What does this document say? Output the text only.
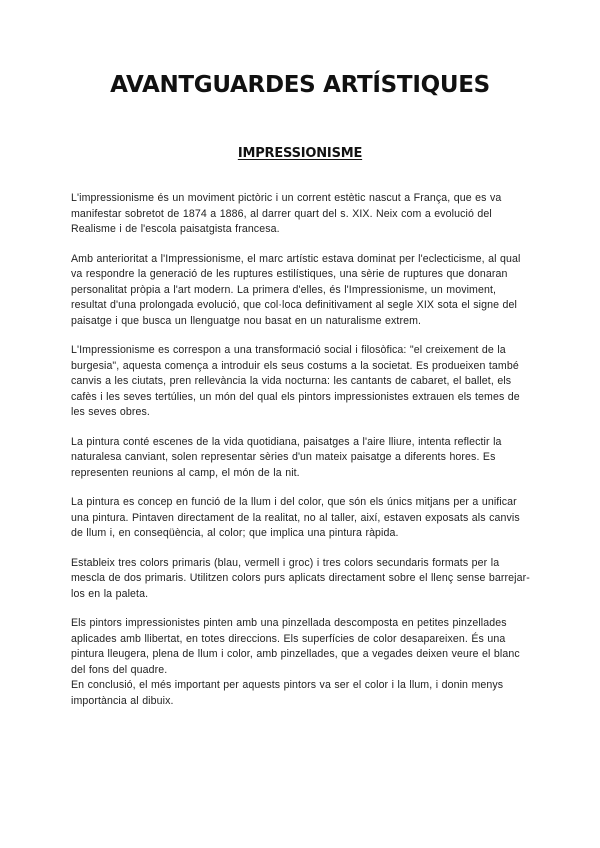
AVANTGUARDES ARTÍSTIQUES
IMPRESSIONISME

L'impressionisme és un moviment pictòric i un corrent estètic nascut a França, que es va manifestar sobretot de 1874 a 1886, al darrer quart del s. XIX. Neix com a evolució del Realisme i de l'escola paisatgista francesa.

Amb anterioritat a l'Impressionisme, el marc artístic estava dominat per l'eclecticisme, al qual va respondre la generació de les ruptures estilístiques, una sèrie de ruptures que donaran personalitat pròpia a l'art modern. La primera d'elles, és l'Impressionisme, un moviment, resultat d'una prolongada evolució, que col·loca definitivament al segle XIX sota el signe del paisatge i que busca un llenguatge nou basat en un naturalisme extrem.

L'Impressionisme es correspon a una transformació social i filosòfica: "el creixement de la burgesia", aquesta comença a introduir els seus costums a la societat. Es produeixen també canvis a les ciutats, pren rellevància la vida nocturna: les cantants de cabaret, el ballet, els cafès i les seves tertúlies, un món del qual els pintors impressionistes extrauen els temes de les seves obres.

La pintura conté escenes de la vida quotidiana, paisatges a l'aire lliure, intenta reflectir la naturalesa canviant, solen representar sèries d'un mateix paisatge a diferents hores. Es representen reunions al camp, el món de la nit.

La pintura es concep en funció de la llum i del color, que són els únics mitjans per a unificar una pintura. Pintaven directament de la realitat, no al taller, així, estaven exposats als canvis de llum i, en conseqüència, al color; que implica una pintura ràpida.

Estableix tres colors primaris (blau, vermell i groc) i tres colors secundaris formats per la mescla de dos primaris. Utilitzen colors purs aplicats directament sobre el llenç sense barrejar-los en la paleta.

Els pintors impressionistes pinten amb una pinzellada descomposta en petites pinzellades aplicades amb llibertat, en totes direccions. Els superfícies de color desapareixen. És una pintura lleugera, plena de llum i color, amb pinzellades, que a vegades deixen veure el blanc del fons del quadre.

En conclusió, el més important per aquests pintors va ser el color i la llum, i donin menys importància al dibuix.
